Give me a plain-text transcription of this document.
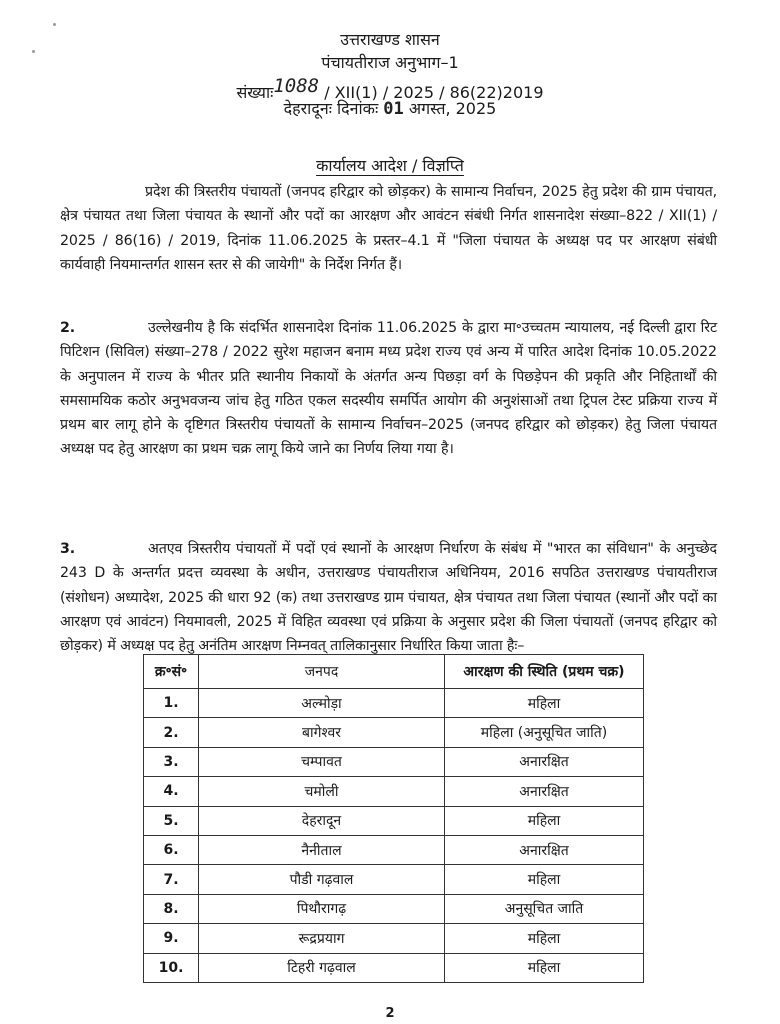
उत्तराखण्ड शासन
पंचायतीराज अनुभाग–1
संख्याः1088 / XII(1) / 2025 / 86(22)2019
देहरादूनः दिनांकः 01 अगस्त, 2025
कार्यालय आदेश / विज्ञप्ति
प्रदेश की त्रिस्तरीय पंचायतों (जनपद हरिद्वार को छोड़कर) के सामान्य निर्वाचन, 2025 हेतु प्रदेश की ग्राम पंचायत, क्षेत्र पंचायत तथा जिला पंचायत के स्थानों और पदों का आरक्षण और आवंटन संबंधी निर्गत शासनादेश संख्या–822 / XII(1) / 2025 / 86(16) / 2019, दिनांक 11.06.2025 के प्रस्तर–4.1 में "जिला पंचायत के अध्यक्ष पद पर आरक्षण संबंधी कार्यवाही नियमान्तर्गत शासन स्तर से की जायेगी" के निर्देश निर्गत हैं।
2.	उल्लेखनीय है कि संदर्भित शासनादेश दिनांक 11.06.2025 के द्वारा मा॰उच्चतम न्यायालय, नई दिल्ली द्वारा रिट पिटिशन (सिविल) संख्या–278 / 2022 सुरेश महाजन बनाम मध्य प्रदेश राज्य एवं अन्य में पारित आदेश दिनांक 10.05.2022 के अनुपालन में राज्य के भीतर प्रति स्थानीय निकायों के अंतर्गत अन्य पिछड़ा वर्ग के पिछड़ेपन की प्रकृति और निहितार्थों की समसामयिक कठोर अनुभवजन्य जांच हेतु गठित एकल सदस्यीय समर्पित आयोग की अनुशंसाओं तथा ट्रिपल टेस्ट प्रक्रिया राज्य में प्रथम बार लागू होने के दृष्टिगत त्रिस्तरीय पंचायतों के सामान्य निर्वाचन–2025 (जनपद हरिद्वार को छोड़कर) हेतु जिला पंचायत अध्यक्ष पद हेतु आरक्षण का प्रथम चक्र लागू किये जाने का निर्णय लिया गया है।
3.	अतएव त्रिस्तरीय पंचायतों में पदों एवं स्थानों के आरक्षण निर्धारण के संबंध में "भारत का संविधान" के अनुच्छेद 243 D के अन्तर्गत प्रदत्त व्यवस्था के अधीन, उत्तराखण्ड पंचायतीराज अधिनियम, 2016 सपठित उत्तराखण्ड पंचायतीराज (संशोधन) अध्यादेश, 2025 की धारा 92 (क) तथा उत्तराखण्ड ग्राम पंचायत, क्षेत्र पंचायत तथा जिला पंचायत (स्थानों और पदों का आरक्षण एवं आवंटन) नियमावली, 2025 में विहित व्यवस्था एवं प्रक्रिया के अनुसार प्रदेश की जिला पंचायतों (जनपद हरिद्वार को छोड़कर) में अध्यक्ष पद हेतु अनंतिम आरक्षण निम्नवत् तालिकानुसार निर्धारित किया जाता हैः–
क्र॰सं॰	जनपद	आरक्षण की स्थिति (प्रथम चक्र)
1.	अल्मोड़ा	महिला
2.	बागेश्वर	महिला (अनुसूचित जाति)
3.	चम्पावत	अनारक्षित
4.	चमोली	अनारक्षित
5.	देहरादून	महिला
6.	नैनीताल	अनारक्षित
7.	पौडी गढ़वाल	महिला
8.	पिथौरागढ़	अनुसूचित जाति
9.	रूद्रप्रयाग	महिला
10.	टिहरी गढ़वाल	महिला
2
